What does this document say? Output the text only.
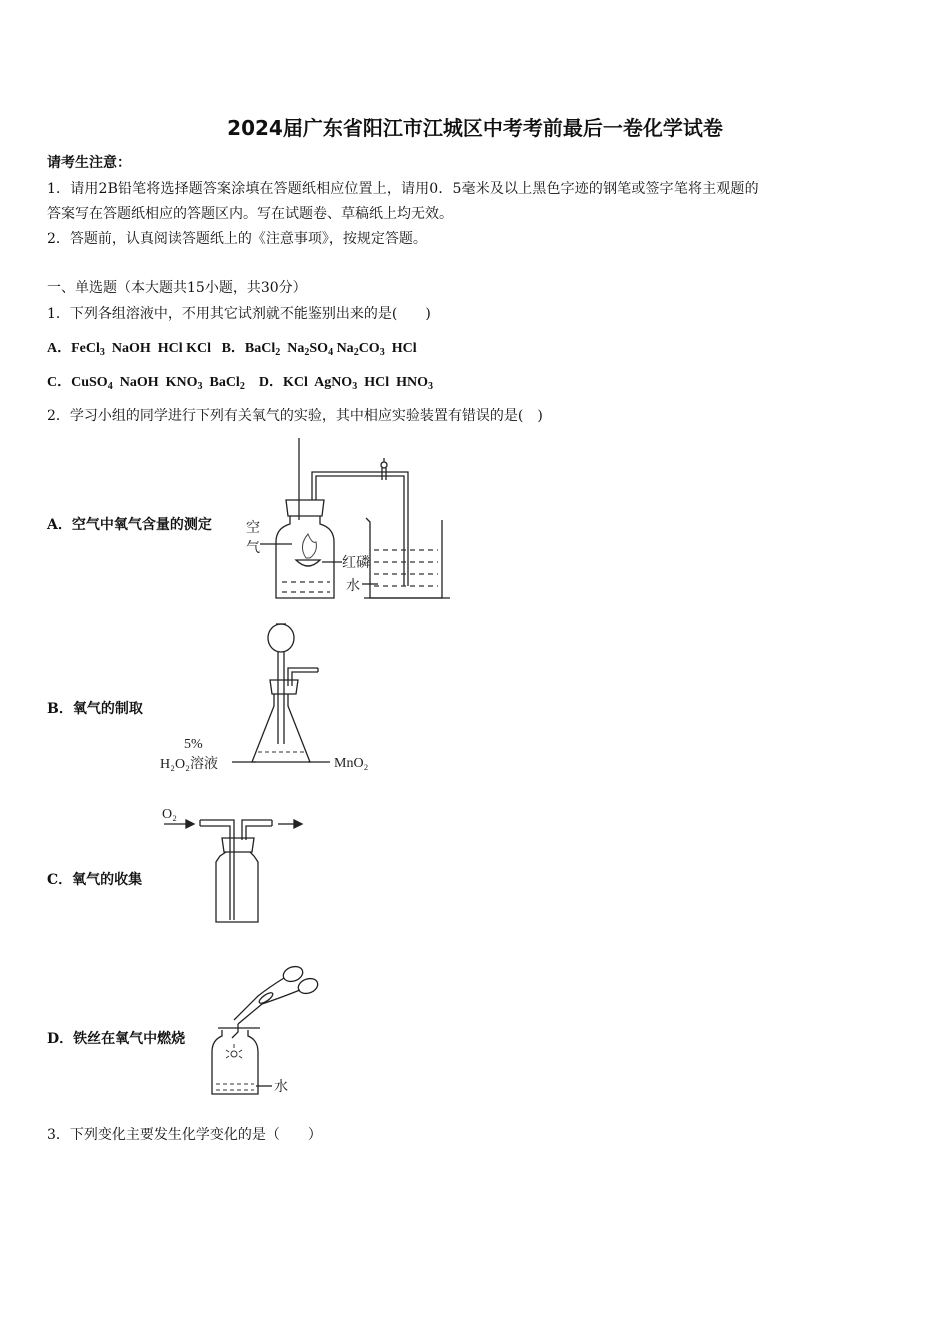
2024届广东省阳江市江城区中考考前最后一卷化学试卷
请考生注意：
1．请用2B铅笔将选择题答案涂填在答题纸相应位置上，请用0．5毫米及以上黑色字迹的钢笔或签字笔将主观题的
答案写在答题纸相应的答题区内。写在试题卷、草稿纸上均无效。
2．答题前，认真阅读答题纸上的《注意事项》，按规定答题。
一、单选题（本大题共15小题，共30分）
1．下列各组溶液中，不用其它试剂就不能鉴别出来的是(　　)
A．FeCl$_3$ NaOH HCl KCl B．BaCl$_2$ $Na_2SO_4$ $Na_2CO_3$ HCl
C．CuSO$_4$ NaOH $KNO_3$ BaCl$_2$ D．KCl AgNO$_3$ HCl $HNO_3$
2．学习小组的同学进行下列有关氧气的实验，其中相应实验装置有错误的是(　)
A．空气中氧气含量的测定 空
气
红磷
水
B．氧气的制取
5%
H₂O₂溶液	MnO₂
C．氧气的收集
O₂
D．铁丝在氧气中燃烧
水
3．下列变化主要发生化学变化的是（　　）
